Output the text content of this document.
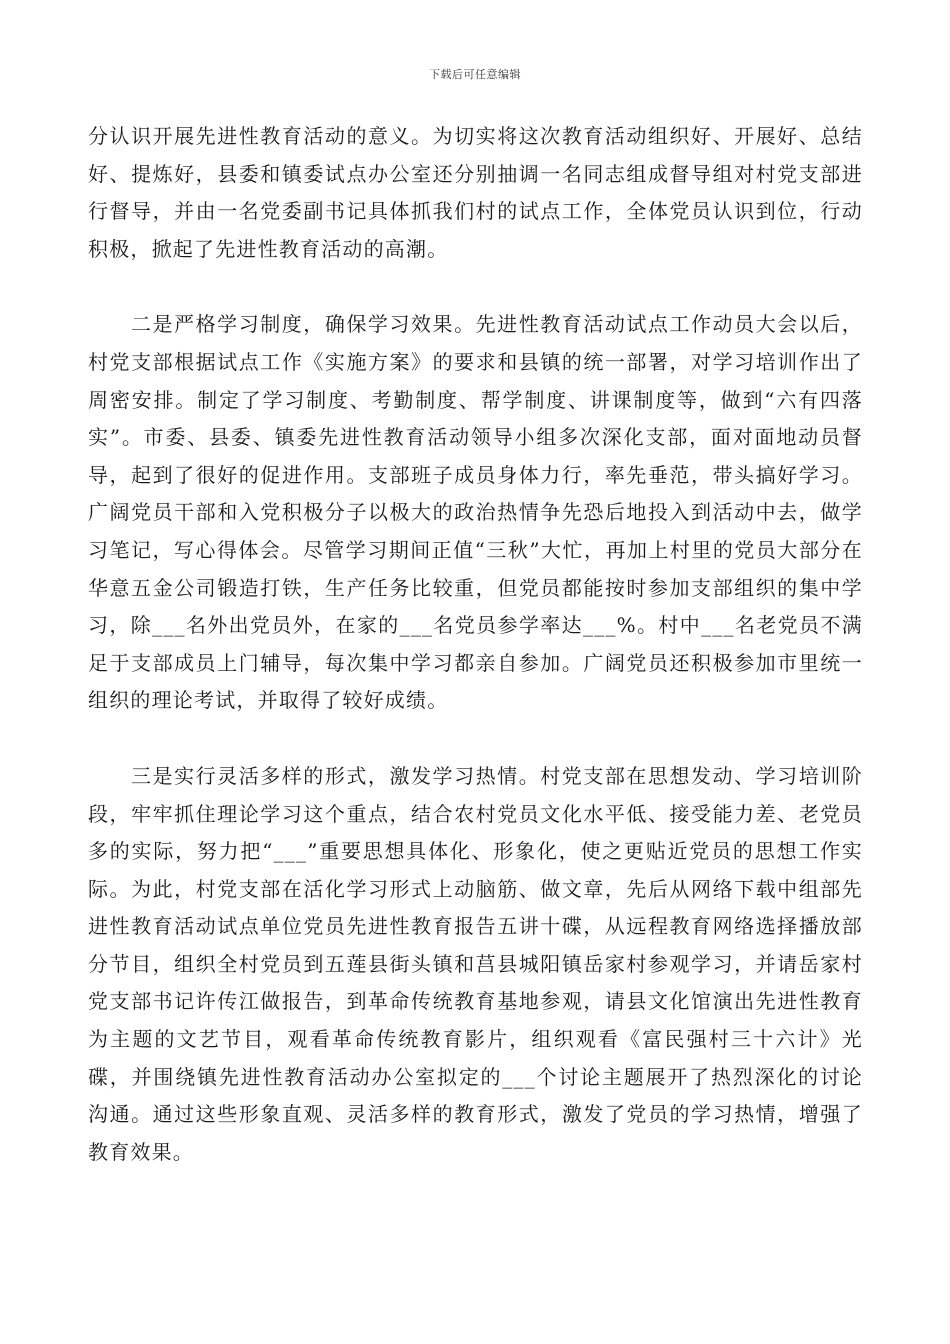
下载后可任意编辑

分认识开展先进性教育活动的意义。为切实将这次教育活动组织好、开展好、总结好、提炼好，县委和镇委试点办公室还分别抽调一名同志组成督导组对村党支部进行督导，并由一名党委副书记具体抓我们村的试点工作，全体党员认识到位，行动积极，掀起了先进性教育活动的高潮。

二是严格学习制度，确保学习效果。先进性教育活动试点工作动员大会以后，村党支部根据试点工作《实施方案》的要求和县镇的统一部署，对学习培训作出了周密安排。制定了学习制度、考勤制度、帮学制度、讲课制度等，做到“六有四落实”。市委、县委、镇委先进性教育活动领导小组多次深化支部，面对面地动员督导，起到了很好的促进作用。支部班子成员身体力行，率先垂范，带头搞好学习。广阔党员干部和入党积极分子以极大的政治热情争先恐后地投入到活动中去，做学习笔记，写心得体会。尽管学习期间正值“三秋”大忙，再加上村里的党员大部分在华意五金公司锻造打铁，生产任务比较重，但党员都能按时参加支部组织的集中学习，除___名外出党员外，在家的___名党员参学率达___%。村中___名老党员不满足于支部成员上门辅导，每次集中学习都亲自参加。广阔党员还积极参加市里统一组织的理论考试，并取得了较好成绩。

三是实行灵活多样的形式，激发学习热情。村党支部在思想发动、学习培训阶段，牢牢抓住理论学习这个重点，结合农村党员文化水平低、接受能力差、老党员多的实际，努力把“___”重要思想具体化、形象化，使之更贴近党员的思想工作实际。为此，村党支部在活化学习形式上动脑筋、做文章，先后从网络下载中组部先进性教育活动试点单位党员先进性教育报告五讲十碟，从远程教育网络选择播放部分节目，组织全村党员到五莲县街头镇和莒县城阳镇岳家村参观学习，并请岳家村党支部书记许传江做报告，到革命传统教育基地参观，请县文化馆演出先进性教育为主题的文艺节目，观看革命传统教育影片，组织观看《富民强村三十六计》光碟，并围绕镇先进性教育活动办公室拟定的___个讨论主题展开了热烈深化的讨论沟通。通过这些形象直观、灵活多样的教育形式，激发了党员的学习热情，增强了教育效果。
